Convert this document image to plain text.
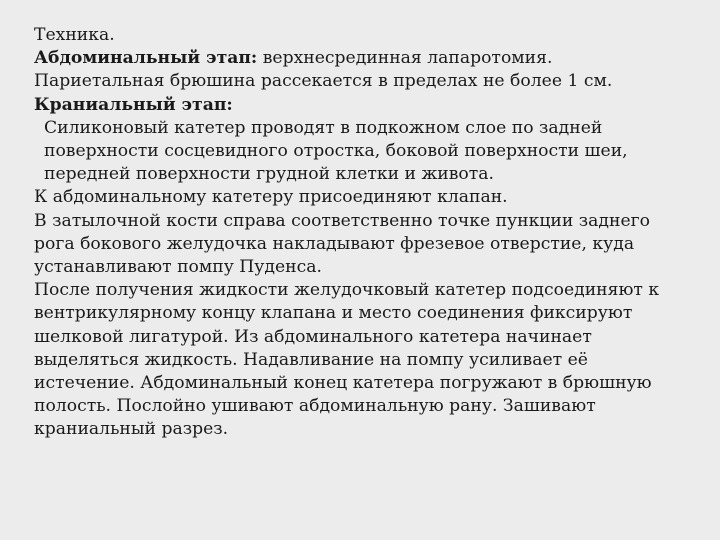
Техника.

Абдоминальный этап: верхнесрединная лапаротомия.
Париетальная брюшина рассекается в пределах не более 1 см.

Краниальный этап:

Силиконовый катетер проводят в подкожном слое по задней
поверхности сосцевидного отростка, боковой поверхности шеи,
передней поверхности грудной клетки и живота.

К абдоминальному катетеру присоединяют клапан.

В затылочной кости справа соответственно точке пункции заднего
рога бокового желудочка накладывают фрезевое отверстие, куда
устанавливают помпу Пуденса.

После получения жидкости желудочковый катетер подсоединяют к
вентрикулярному концу клапана и место соединения фиксируют
шелковой лигатурой. Из абдоминального катетера начинает
выделяться жидкость. Надавливание на помпу усиливает её
истечение. Абдоминальный конец катетера погружают в брюшную
полость. Послойно ушивают абдоминальную рану. Зашивают
краниальный разрез.
